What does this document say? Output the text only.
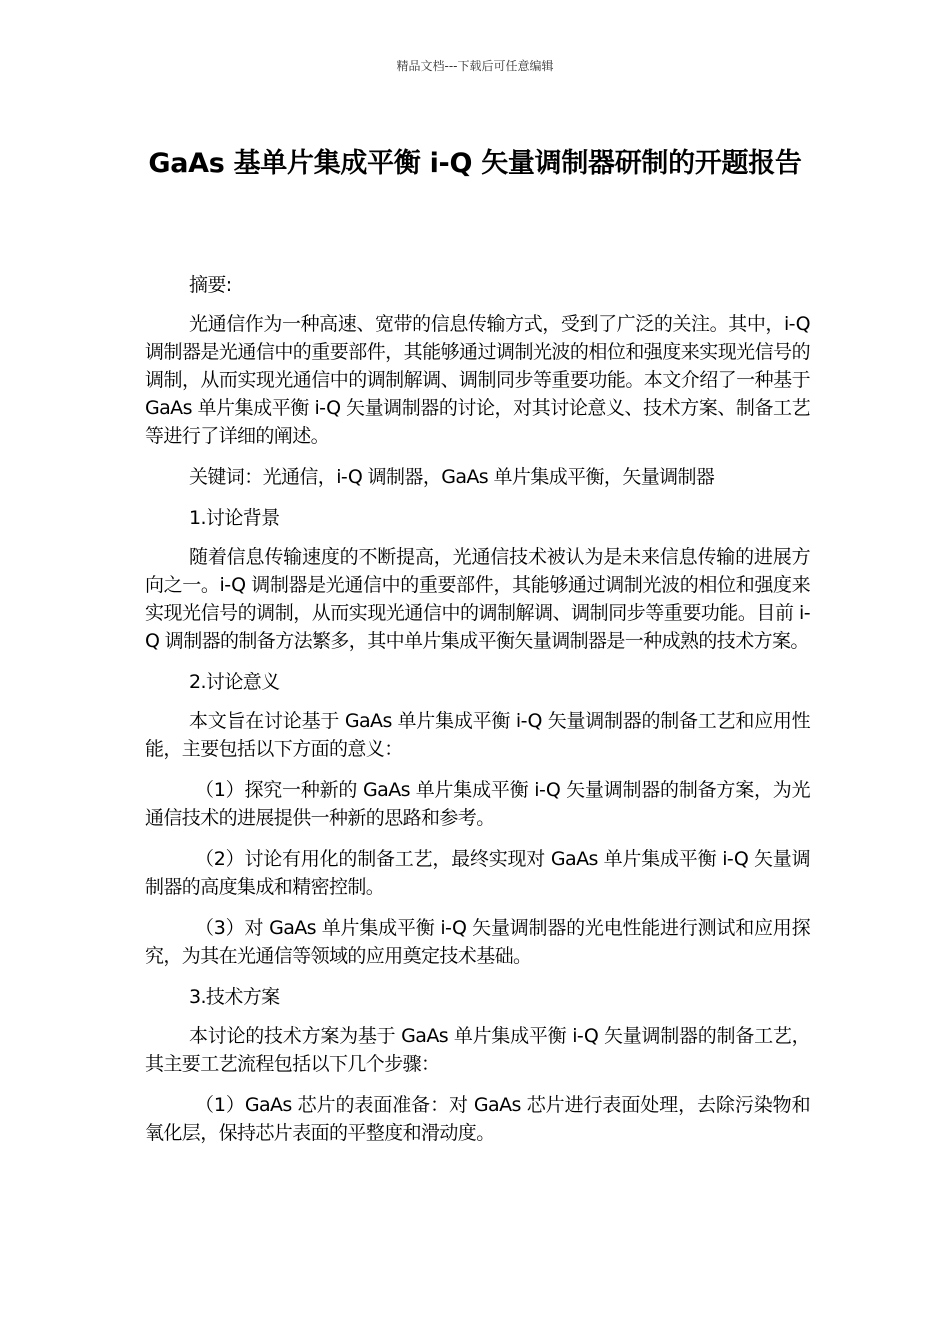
精品文档---下载后可任意编辑
GaAs 基单片集成平衡 i-Q 矢量调制器研制的开题报告

摘要:

光通信作为一种高速、宽带的信息传输方式，受到了广泛的关注。其中，i-Q 调制器是光通信中的重要部件，其能够通过调制光波的相位和强度来实现光信号的调制，从而实现光通信中的调制解调、调制同步等重要功能。本文介绍了一种基于 GaAs 单片集成平衡 i-Q 矢量调制器的讨论，对其讨论意义、技术方案、制备工艺等进行了详细的阐述。

关键词：光通信，i-Q 调制器，GaAs 单片集成平衡，矢量调制器

1.讨论背景

随着信息传输速度的不断提高，光通信技术被认为是未来信息传输的进展方向之一。i-Q 调制器是光通信中的重要部件，其能够通过调制光波的相位和强度来实现光信号的调制，从而实现光通信中的调制解调、调制同步等重要功能。目前 i-Q 调制器的制备方法繁多，其中单片集成平衡矢量调制器是一种成熟的技术方案。

2.讨论意义

本文旨在讨论基于 GaAs 单片集成平衡 i-Q 矢量调制器的制备工艺和应用性能，主要包括以下方面的意义：

（1）探究一种新的 GaAs 单片集成平衡 i-Q 矢量调制器的制备方案，为光通信技术的进展提供一种新的思路和参考。

（2）讨论有用化的制备工艺，最终实现对 GaAs 单片集成平衡 i-Q 矢量调制器的高度集成和精密控制。

（3）对 GaAs 单片集成平衡 i-Q 矢量调制器的光电性能进行测试和应用探究，为其在光通信等领域的应用奠定技术基础。

3.技术方案

本讨论的技术方案为基于 GaAs 单片集成平衡 i-Q 矢量调制器的制备工艺，其主要工艺流程包括以下几个步骤：

（1）GaAs 芯片的表面准备：对 GaAs 芯片进行表面处理，去除污染物和氧化层，保持芯片表面的平整度和滑动度。
